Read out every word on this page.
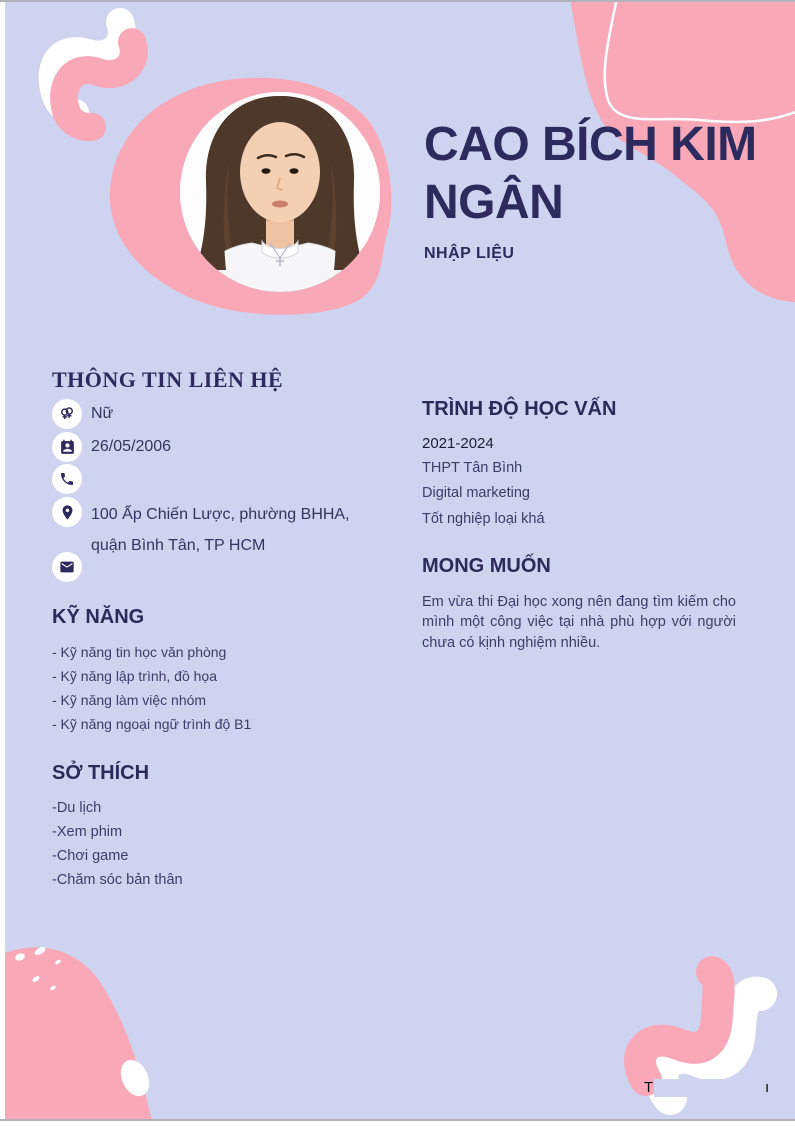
CAO BÍCH KIM NGÂN
NHẬP LIỆU
THÔNG TIN LIÊN HỆ
Nữ
26/05/2006
100 Ấp Chiến Lược, phường BHHA, quận Bình Tân, TP HCM
KỸ NĂNG
- Kỹ năng tin học văn phòng
- Kỹ năng lập trình, đồ họa
- Kỹ năng làm việc nhóm
- Kỹ năng ngoại ngữ trình độ B1
SỞ THÍCH
-Du lịch
-Xem phim
-Chơi game
-Chăm sóc bản thân
TRÌNH ĐỘ HỌC VẤN
2021-2024
THPT Tân Bình
Digital marketing
Tốt nghiệp loại khá
MONG MUỐN
Em vừa thi Đại học xong nên đang tìm kiếm cho mình một công việc tại nhà phù hợp với người chưa có kịnh nghiệm nhiều.
T	ı
